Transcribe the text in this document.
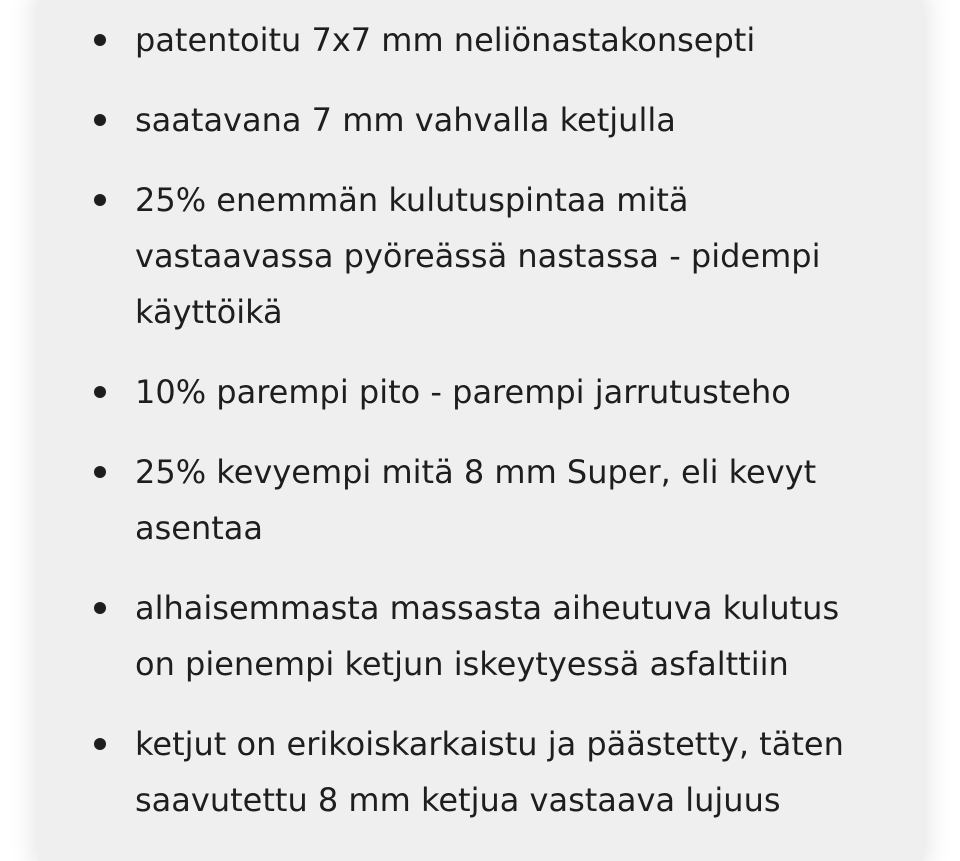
patentoitu 7x7 mm neliönastakonsepti
saatavana 7 mm vahvalla ketjulla
25% enemmän kulutuspintaa mitä vastaavassa pyöreässä nastassa - pidempi käyttöikä
10% parempi pito - parempi jarrutusteho
25% kevyempi mitä 8 mm Super, eli kevyt asentaa
alhaisemmasta massasta aiheutuva kulutus on pienempi ketjun iskeytyessä asfalttiin
ketjut on erikoiskarkaistu ja päästetty, täten saavutettu 8 mm ketjua vastaava lujuus
